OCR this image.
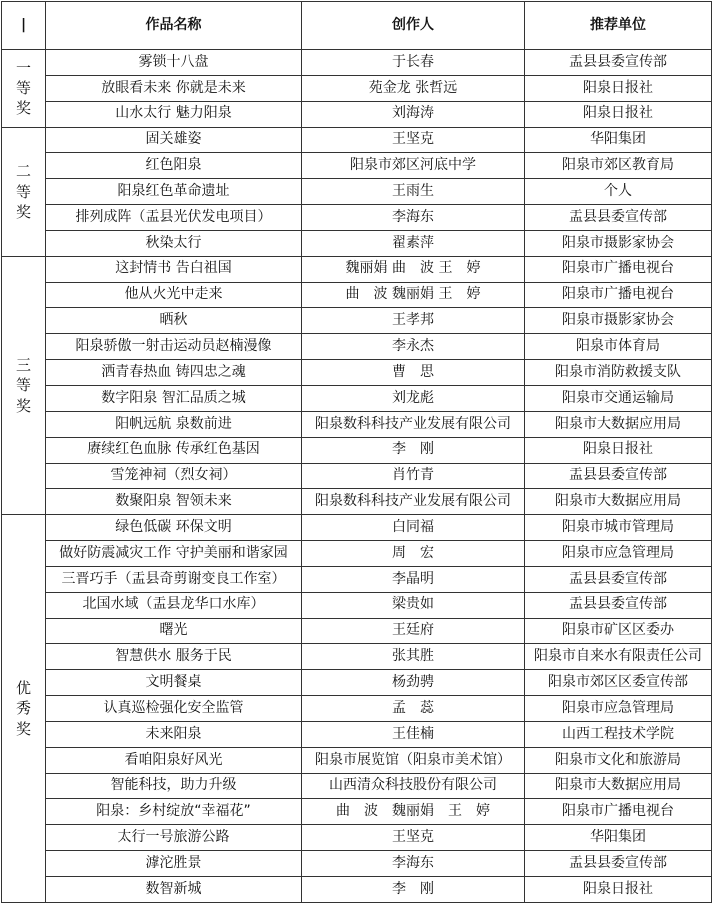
|	作品名称	创作人	推荐单位

一
等
奖	雾锁十八盘	于长春	盂县县委宣传部
	放眼看未来 你就是未来	苑金龙 张哲远	阳泉日报社
	山水太行 魅力阳泉	刘海涛	阳泉日报社

二
等
奖	固关雄姿	王坚克	华阳集团
	红色阳泉	阳泉市郊区河底中学	阳泉市郊区教育局
	阳泉红色革命遗址	王雨生	个人
	排列成阵（盂县光伏发电项目）	李海东	盂县县委宣传部
	秋染太行	翟素萍	阳泉市摄影家协会

三
等
奖	这封情书 告白祖国	魏丽娟 曲　波 王　婷	阳泉市广播电视台
	他从火光中走来	曲　波 魏丽娟 王　婷	阳泉市广播电视台
	晒秋	王孝邦	阳泉市摄影家协会
	阳泉骄傲一射击运动员赵楠漫像	李永杰	阳泉市体育局
	洒青春热血 铸四忠之魂	曹　思	阳泉市消防救援支队
	数字阳泉 智汇品质之城	刘龙彪	阳泉市交通运输局
	阳帆远航 泉数前进	阳泉数科科技产业发展有限公司	阳泉市大数据应用局
	赓续红色血脉 传承红色基因	李　刚	阳泉日报社
	雪笼神祠（烈女祠）	肖竹青	盂县县委宣传部
	数聚阳泉 智领未来	阳泉数科科技产业发展有限公司	阳泉市大数据应用局

优
秀
奖	绿色低碳 环保文明	白同福	阳泉市城市管理局
	做好防震减灾工作 守护美丽和谐家园	周　宏	阳泉市应急管理局
	三晋巧手（盂县奇剪谢变良工作室）	李晶明	盂县县委宣传部
	北国水域（盂县龙华口水库）	梁贵如	盂县县委宣传部
	曙光	王廷府	阳泉市矿区区委办
	智慧供水 服务于民	张其胜	阳泉市自来水有限责任公司
	文明餐桌	杨劲骋	阳泉市郊区区委宣传部
	认真巡检强化安全监管	孟　蕊	阳泉市应急管理局
	未来阳泉	王佳楠	山西工程技术学院
	看咱阳泉好风光	阳泉市展览馆（阳泉市美术馆）	阳泉市文化和旅游局
	智能科技，助力升级	山西清众科技股份有限公司	阳泉市大数据应用局
	阳泉：乡村绽放“幸福花”	曲　波　魏丽娟　王　婷	阳泉市广播电视台
	太行一号旅游公路	王坚克	华阳集团
	滹沱胜景	李海东	盂县县委宣传部
	数智新城	李　刚	阳泉日报社
